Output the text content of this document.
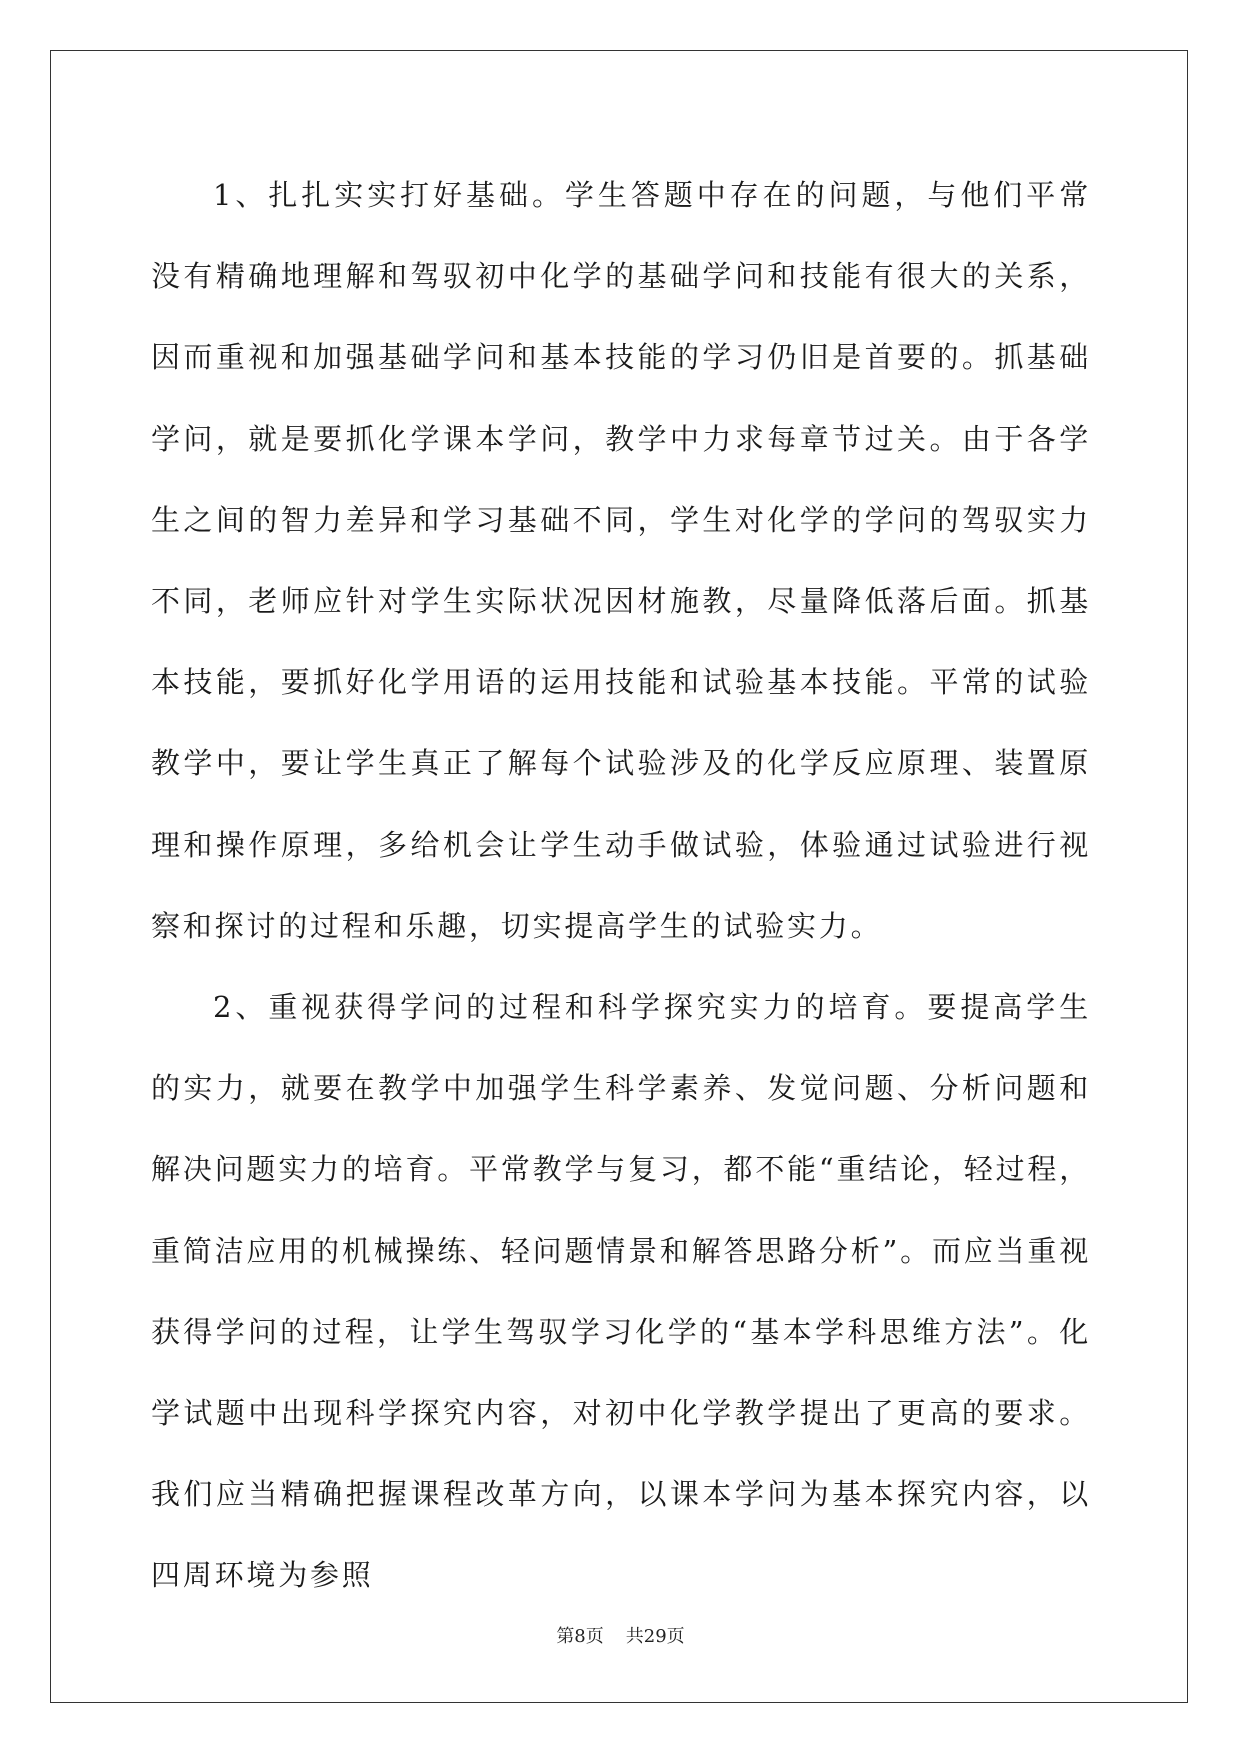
1、扎扎实实打好基础。学生答题中存在的问题，与他们平常没有精确地理解和驾驭初中化学的基础学问和技能有很大的关系，因而重视和加强基础学问和基本技能的学习仍旧是首要的。抓基础学问，就是要抓化学课本学问，教学中力求每章节过关。由于各学生之间的智力差异和学习基础不同，学生对化学的学问的驾驭实力不同，老师应针对学生实际状况因材施教，尽量降低落后面。抓基本技能，要抓好化学用语的运用技能和试验基本技能。平常的试验教学中，要让学生真正了解每个试验涉及的化学反应原理、装置原理和操作原理，多给机会让学生动手做试验，体验通过试验进行视察和探讨的过程和乐趣，切实提高学生的试验实力。

2、重视获得学问的过程和科学探究实力的培育。要提高学生的实力，就要在教学中加强学生科学素养、发觉问题、分析问题和解决问题实力的培育。平常教学与复习，都不能“重结论，轻过程，重简洁应用的机械操练、轻问题情景和解答思路分析”。而应当重视获得学问的过程，让学生驾驭学习化学的“基本学科思维方法”。化学试题中出现科学探究内容，对初中化学教学提出了更高的要求。我们应当精确把握课程改革方向，以课本学问为基本探究内容，以四周环境为参照

第8页 共29页
